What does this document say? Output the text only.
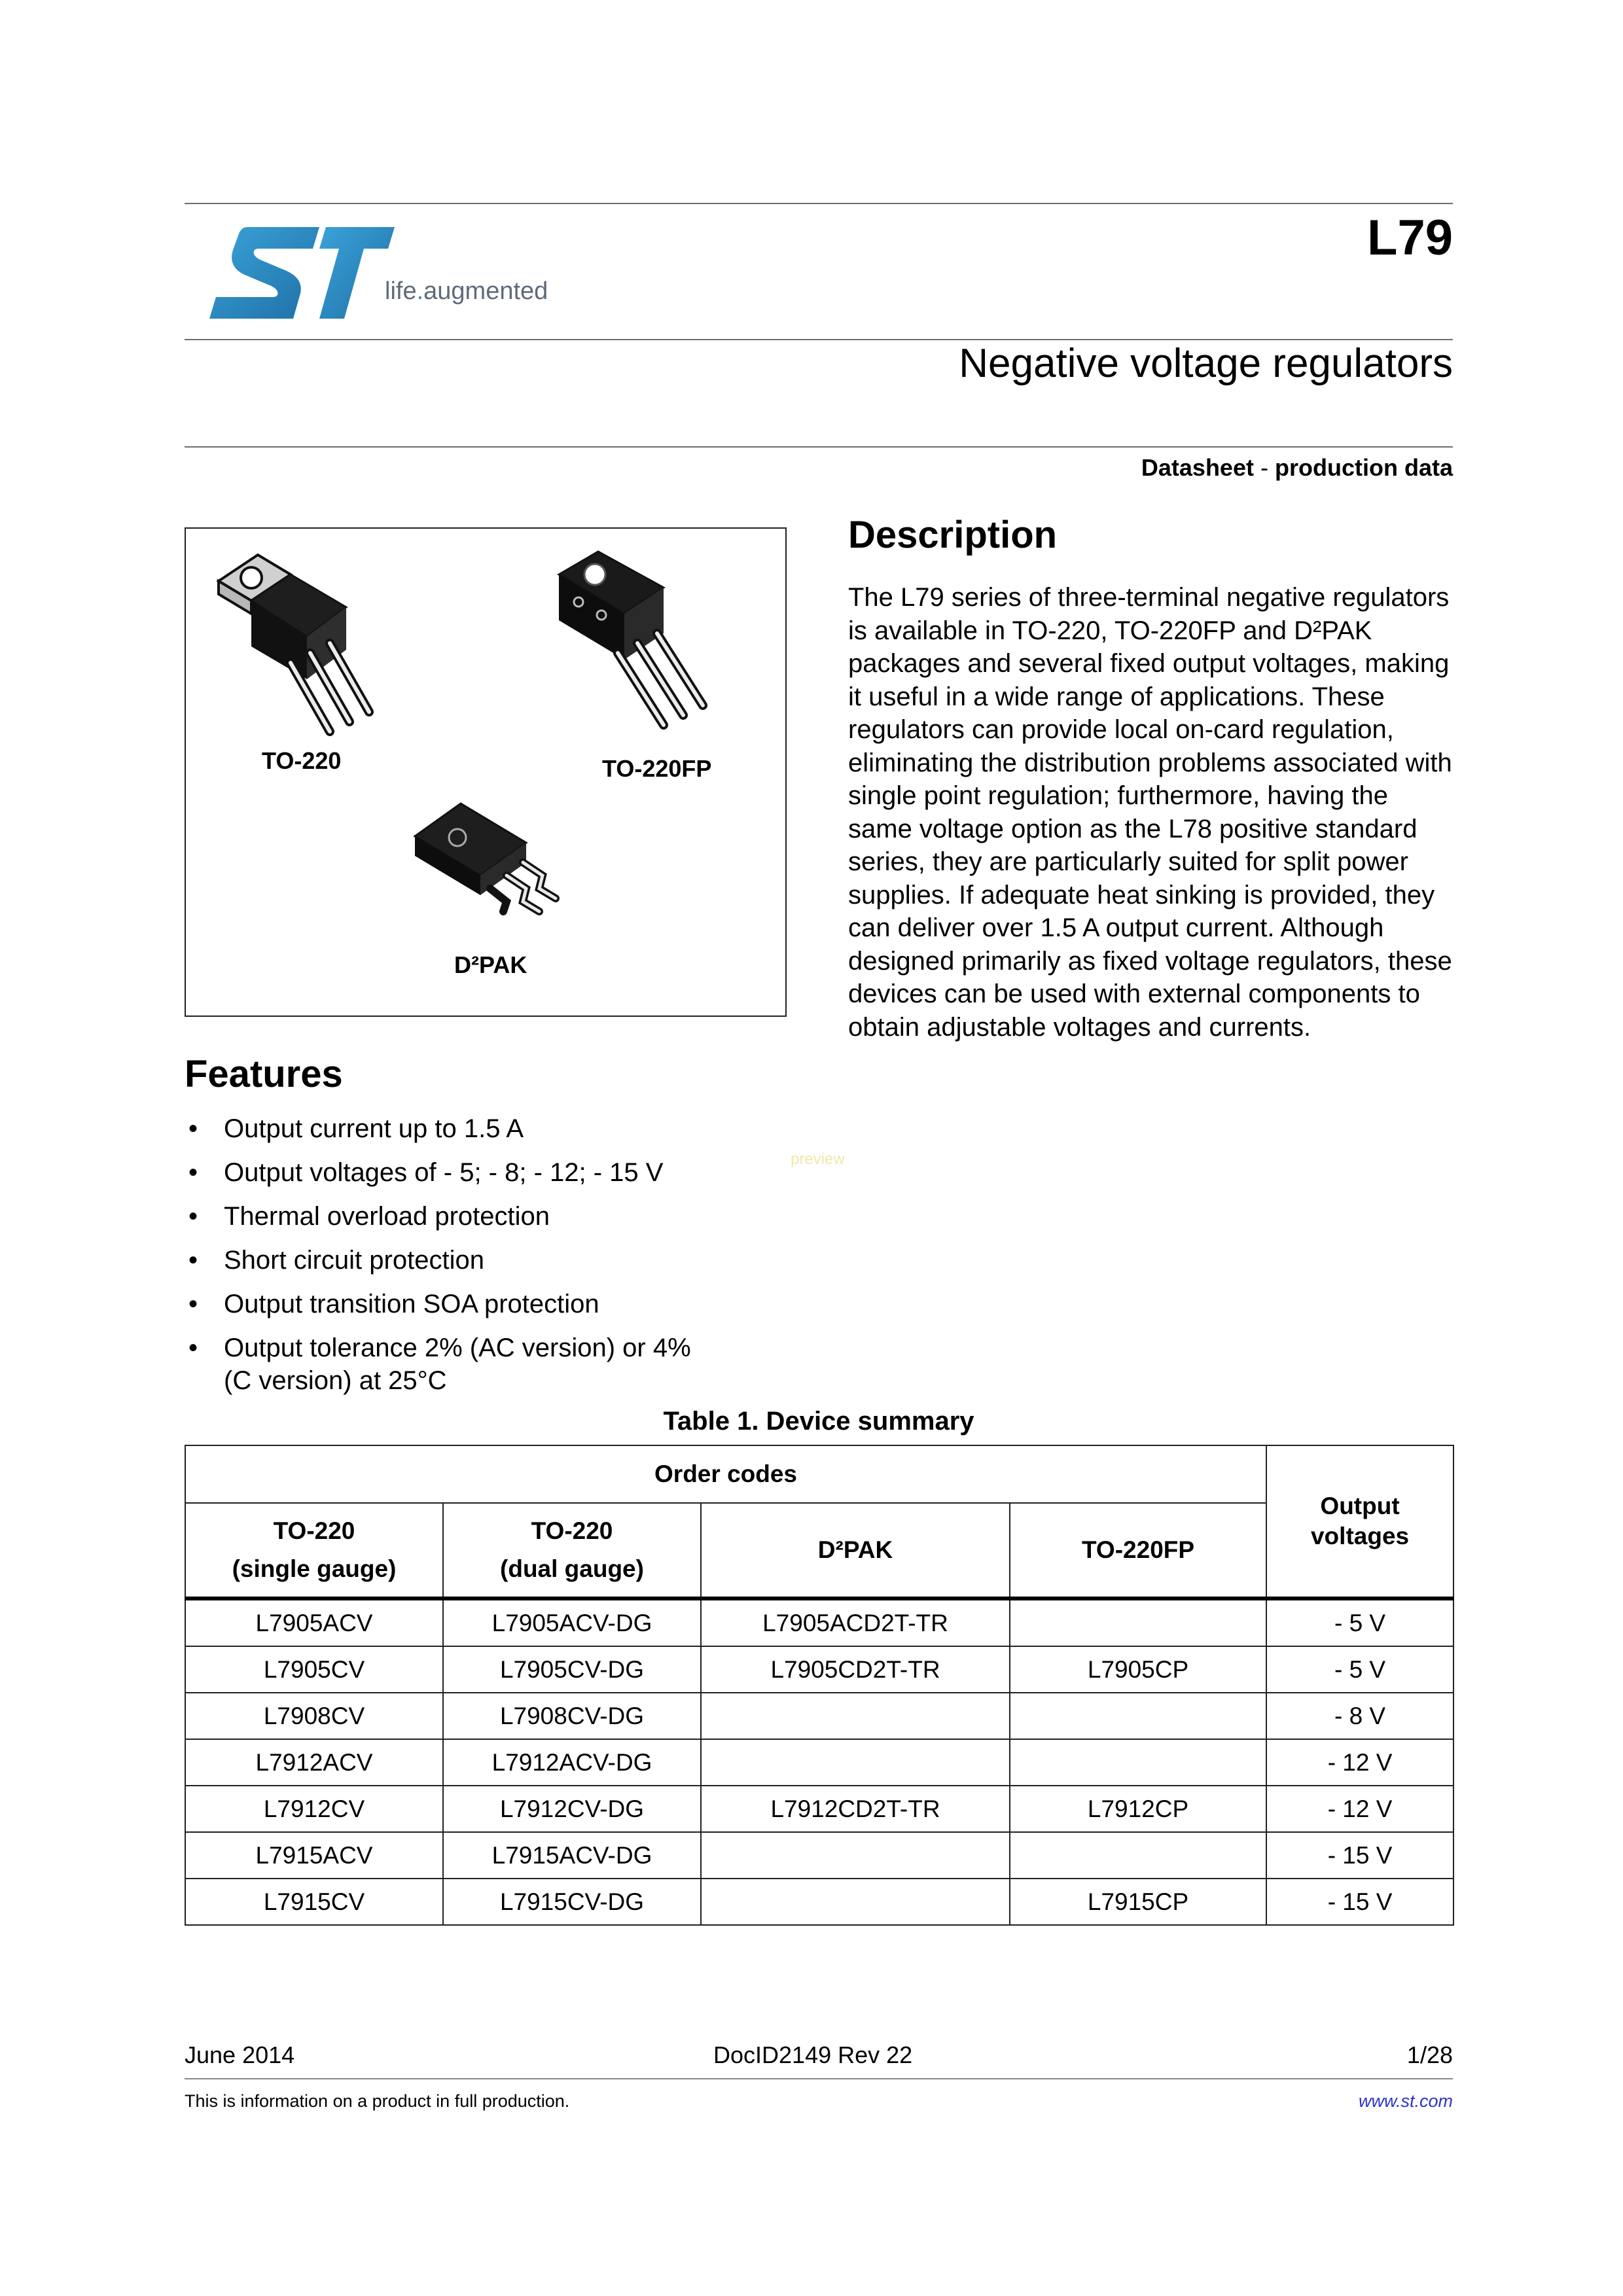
life.augmented
L79
Negative voltage regulators
Datasheet - production data
TO-220	TO-220FP
D²PAK
Description
The L79 series of three-terminal negative regulators is available in TO-220, TO-220FP and D²PAK packages and several fixed output voltages, making it useful in a wide range of applications. These regulators can provide local on-card regulation, eliminating the distribution problems associated with single point regulation; furthermore, having the same voltage option as the L78 positive standard series, they are particularly suited for split power supplies. If adequate heat sinking is provided, they can deliver over 1.5 A output current. Although designed primarily as fixed voltage regulators, these devices can be used with external components to obtain adjustable voltages and currents.
Features
• Output current up to 1.5 A
• Output voltages of - 5; - 8; - 12; - 15 V
• Thermal overload protection
• Short circuit protection
• Output transition SOA protection
• Output tolerance 2% (AC version) or 4% (C version) at 25°C
preview
Table 1. Device summary
Order codes				Output voltages
TO-220
(single gauge)	TO-220
(dual gauge)	D²PAK	TO-220FP	
L7905ACV	L7905ACV-DG	L7905ACD2T-TR		- 5 V
L7905CV	L7905CV-DG	L7905CD2T-TR	L7905CP	- 5 V
L7908CV	L7908CV-DG			- 8 V
L7912ACV	L7912ACV-DG			- 12 V
L7912CV	L7912CV-DG	L7912CD2T-TR	L7912CP	- 12 V
L7915ACV	L7915ACV-DG			- 15 V
L7915CV	L7915CV-DG		L7915CP	- 15 V
June 2014	DocID2149 Rev 22	1/28
This is information on a product in full production.	www.st.com
